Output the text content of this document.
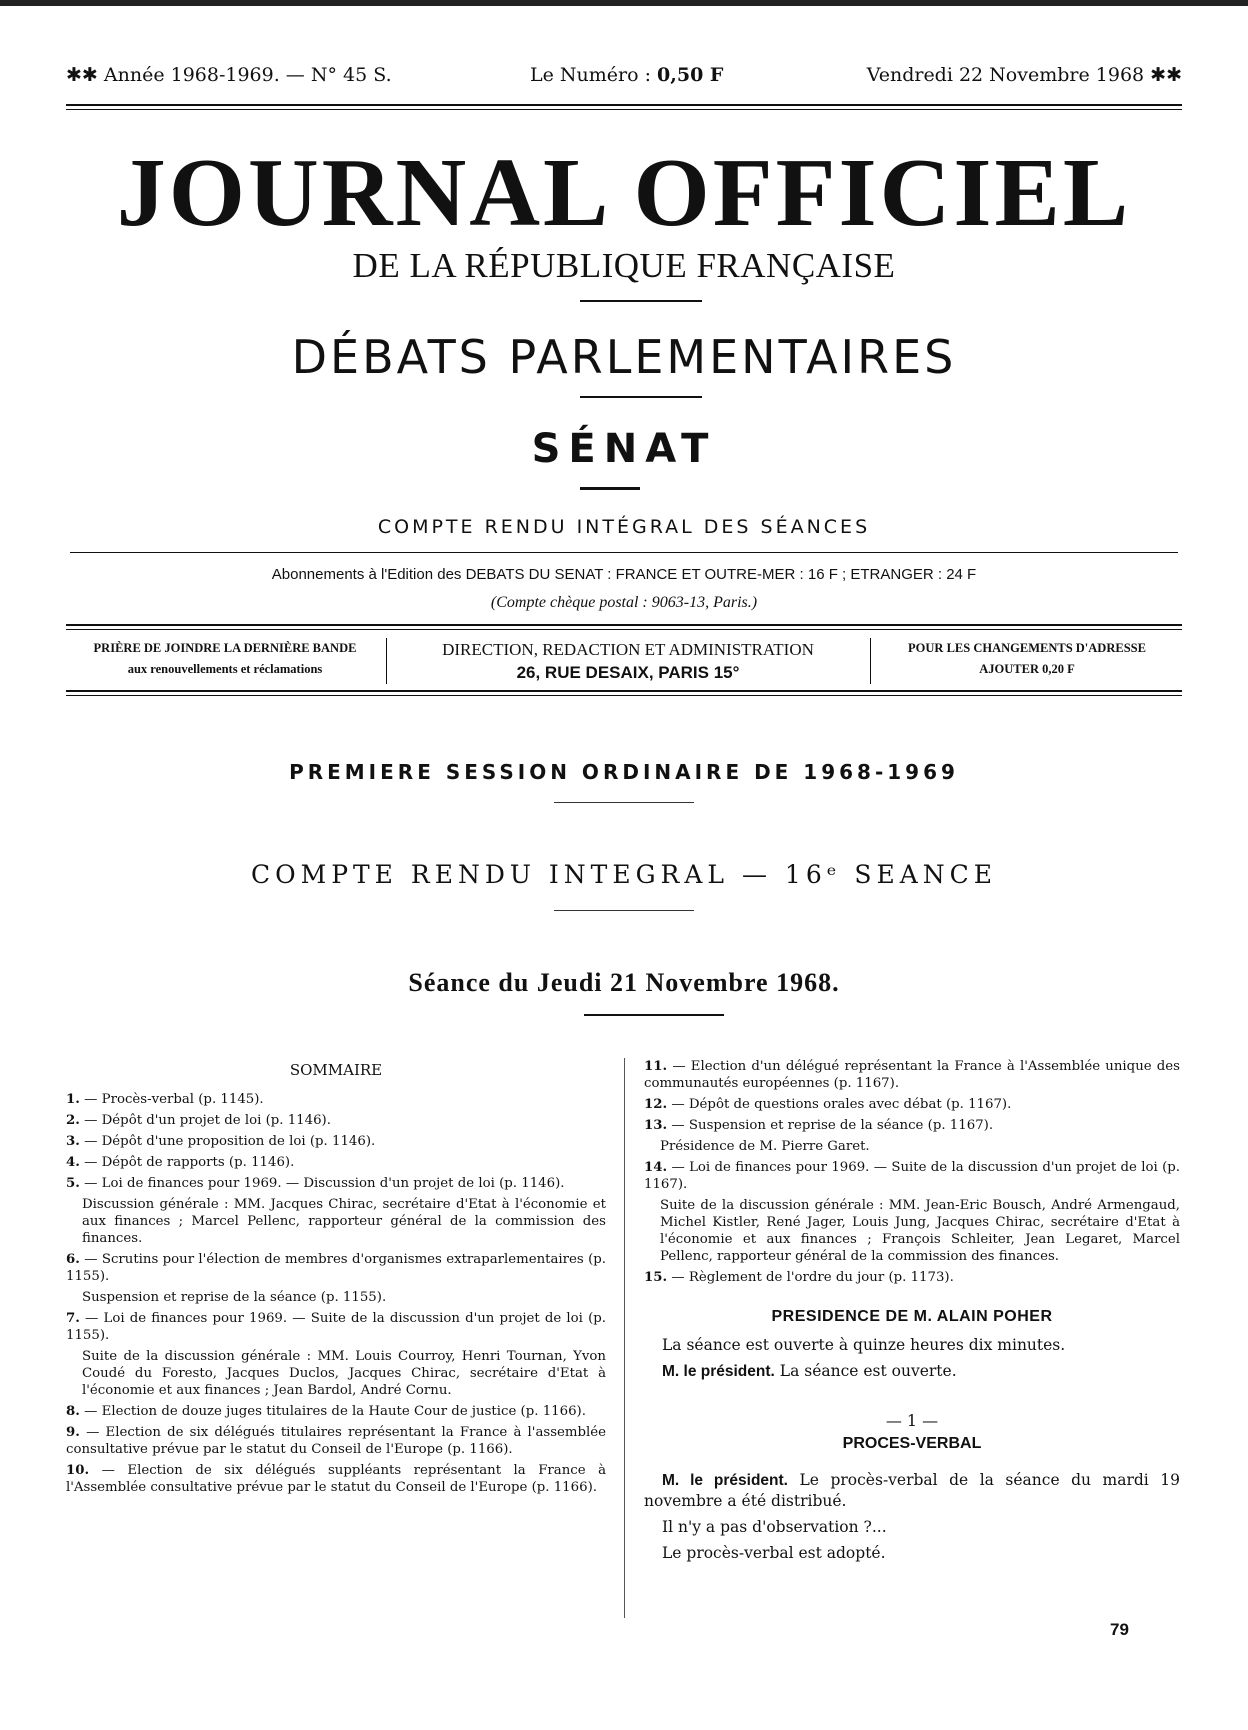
✱✱ Année 1968-1969. — N° 45 S.	Le Numéro : 0,50 F	Vendredi 22 Novembre 1968 ✱✱
JOURNAL OFFICIEL
DE LA RÉPUBLIQUE FRANÇAISE
DÉBATS PARLEMENTAIRES
SÉNAT
COMPTE RENDU INTÉGRAL DES SÉANCES
Abonnements à l'Edition des DEBATS DU SENAT : FRANCE ET OUTRE-MER : 16 F ; ETRANGER : 24 F
(Compte chèque postal : 9063-13, Paris.)
PRIÈRE DE JOINDRE LA DERNIÈRE BANDE
aux renouvellements et réclamations
DIRECTION, REDACTION ET ADMINISTRATION
26, RUE DESAIX, PARIS 15°
POUR LES CHANGEMENTS D'ADRESSE
AJOUTER 0,20 F
PREMIERE SESSION ORDINAIRE DE 1968-1969
COMPTE RENDU INTEGRAL — 16ᵉ SEANCE
Séance du Jeudi 21 Novembre 1968.
SOMMAIRE
1. — Procès-verbal (p. 1145).
2. — Dépôt d'un projet de loi (p. 1146).
3. — Dépôt d'une proposition de loi (p. 1146).
4. — Dépôt de rapports (p. 1146).
5. — Loi de finances pour 1969. — Discussion d'un projet de loi (p. 1146).
Discussion générale : MM. Jacques Chirac, secrétaire d'Etat à l'économie et aux finances ; Marcel Pellenc, rapporteur général de la commission des finances.
6. — Scrutins pour l'élection de membres d'organismes extraparlementaires (p. 1155).
Suspension et reprise de la séance (p. 1155).
7. — Loi de finances pour 1969. — Suite de la discussion d'un projet de loi (p. 1155).
Suite de la discussion générale : MM. Louis Courroy, Henri Tournan, Yvon Coudé du Foresto, Jacques Duclos, Jacques Chirac, secrétaire d'Etat à l'économie et aux finances ; Jean Bardol, André Cornu.
8. — Election de douze juges titulaires de la Haute Cour de justice (p. 1166).
9. — Election de six délégués titulaires représentant la France à l'assemblée consultative prévue par le statut du Conseil de l'Europe (p. 1166).
10. — Election de six délégués suppléants représentant la France à l'Assemblée consultative prévue par le statut du Conseil de l'Europe (p. 1166).
11. — Election d'un délégué représentant la France à l'Assemblée unique des communautés européennes (p. 1167).
12. — Dépôt de questions orales avec débat (p. 1167).
13. — Suspension et reprise de la séance (p. 1167).
Présidence de M. Pierre Garet.
14. — Loi de finances pour 1969. — Suite de la discussion d'un projet de loi (p. 1167).
Suite de la discussion générale : MM. Jean-Eric Bousch, André Armengaud, Michel Kistler, René Jager, Louis Jung, Jacques Chirac, secrétaire d'Etat à l'économie et aux finances ; François Schleiter, Jean Legaret, Marcel Pellenc, rapporteur général de la commission des finances.
15. — Règlement de l'ordre du jour (p. 1173).
PRESIDENCE DE M. ALAIN POHER
La séance est ouverte à quinze heures dix minutes.
M. le président. La séance est ouverte.
— 1 —
PROCES-VERBAL
M. le président. Le procès-verbal de la séance du mardi 19 novembre a été distribué.
Il n'y a pas d'observation ?...
Le procès-verbal est adopté.
79
